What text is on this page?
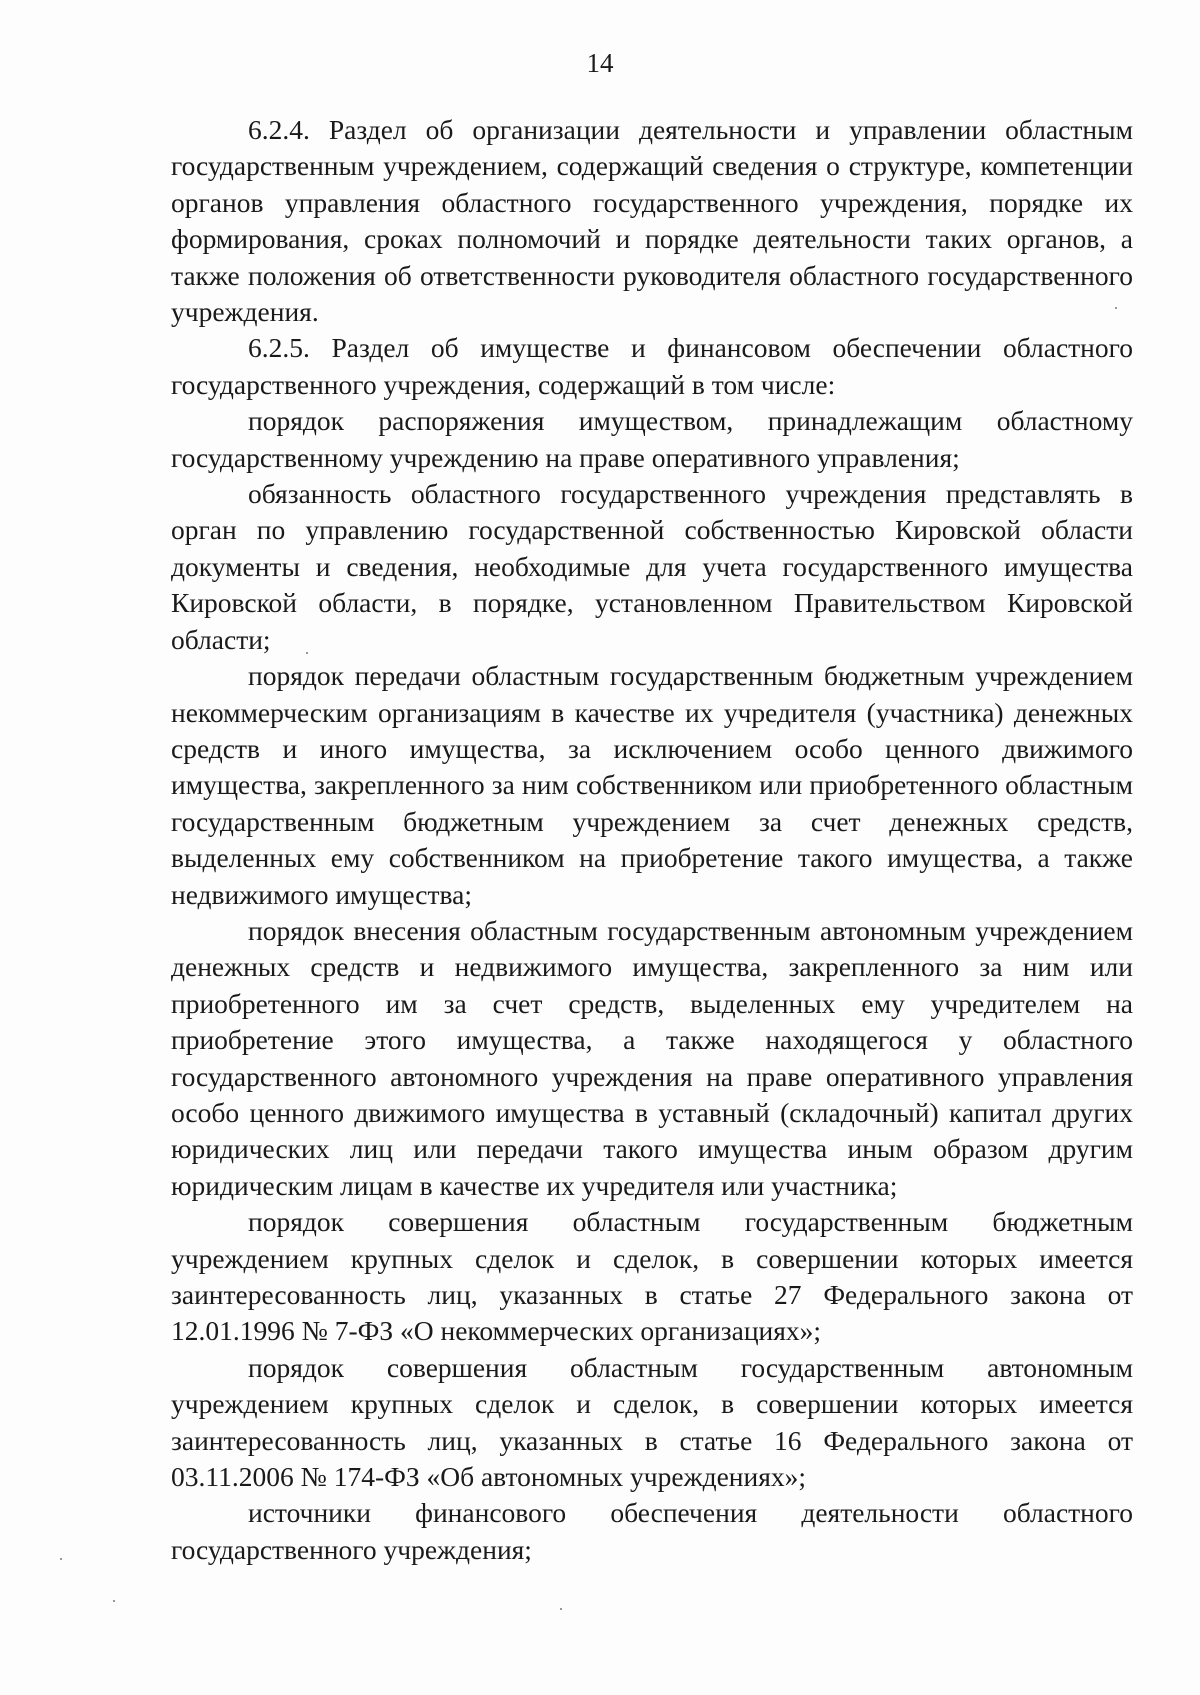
14

6.2.4. Раздел об организации деятельности и управлении областным государственным учреждением, содержащий сведения о структуре, компетенции органов управления областного государственного учреждения, порядке их формирования, сроках полномочий и порядке деятельности таких органов, а также положения об ответственности руководителя областного государственного учреждения.

6.2.5. Раздел об имуществе и финансовом обеспечении областного государственного учреждения, содержащий в том числе:

порядок распоряжения имуществом, принадлежащим областному государственному учреждению на праве оперативного управления;

обязанность областного государственного учреждения представлять в орган по управлению государственной собственностью Кировской области документы и сведения, необходимые для учета государственного имущества Кировской области, в порядке, установленном Правительством Кировской области;

порядок передачи областным государственным бюджетным учреждением некоммерческим организациям в качестве их учредителя (участника) денежных средств и иного имущества, за исключением особо ценного движимого имущества, закрепленного за ним собственником или приобретенного областным государственным бюджетным учреждением за счет денежных средств, выделенных ему собственником на приобретение такого имущества, а также недвижимого имущества;

порядок внесения областным государственным автономным учреждением денежных средств и недвижимого имущества, закрепленного за ним или приобретенного им за счет средств, выделенных ему учредителем на приобретение этого имущества, а также находящегося у областного государственного автономного учреждения на праве оперативного управления особо ценного движимого имущества в уставный (складочный) капитал других юридических лиц или передачи такого имущества иным образом другим юридическим лицам в качестве их учредителя или участника;

порядок совершения областным государственным бюджетным учреждением крупных сделок и сделок, в совершении которых имеется заинтересованность лиц, указанных в статье 27 Федерального закона от 12.01.1996 № 7-ФЗ «О некоммерческих организациях»;

порядок совершения областным государственным автономным учреждением крупных сделок и сделок, в совершении которых имеется заинтересованность лиц, указанных в статье 16 Федерального закона от 03.11.2006 № 174-ФЗ «Об автономных учреждениях»;

источники финансового обеспечения деятельности областного государственного учреждения;
